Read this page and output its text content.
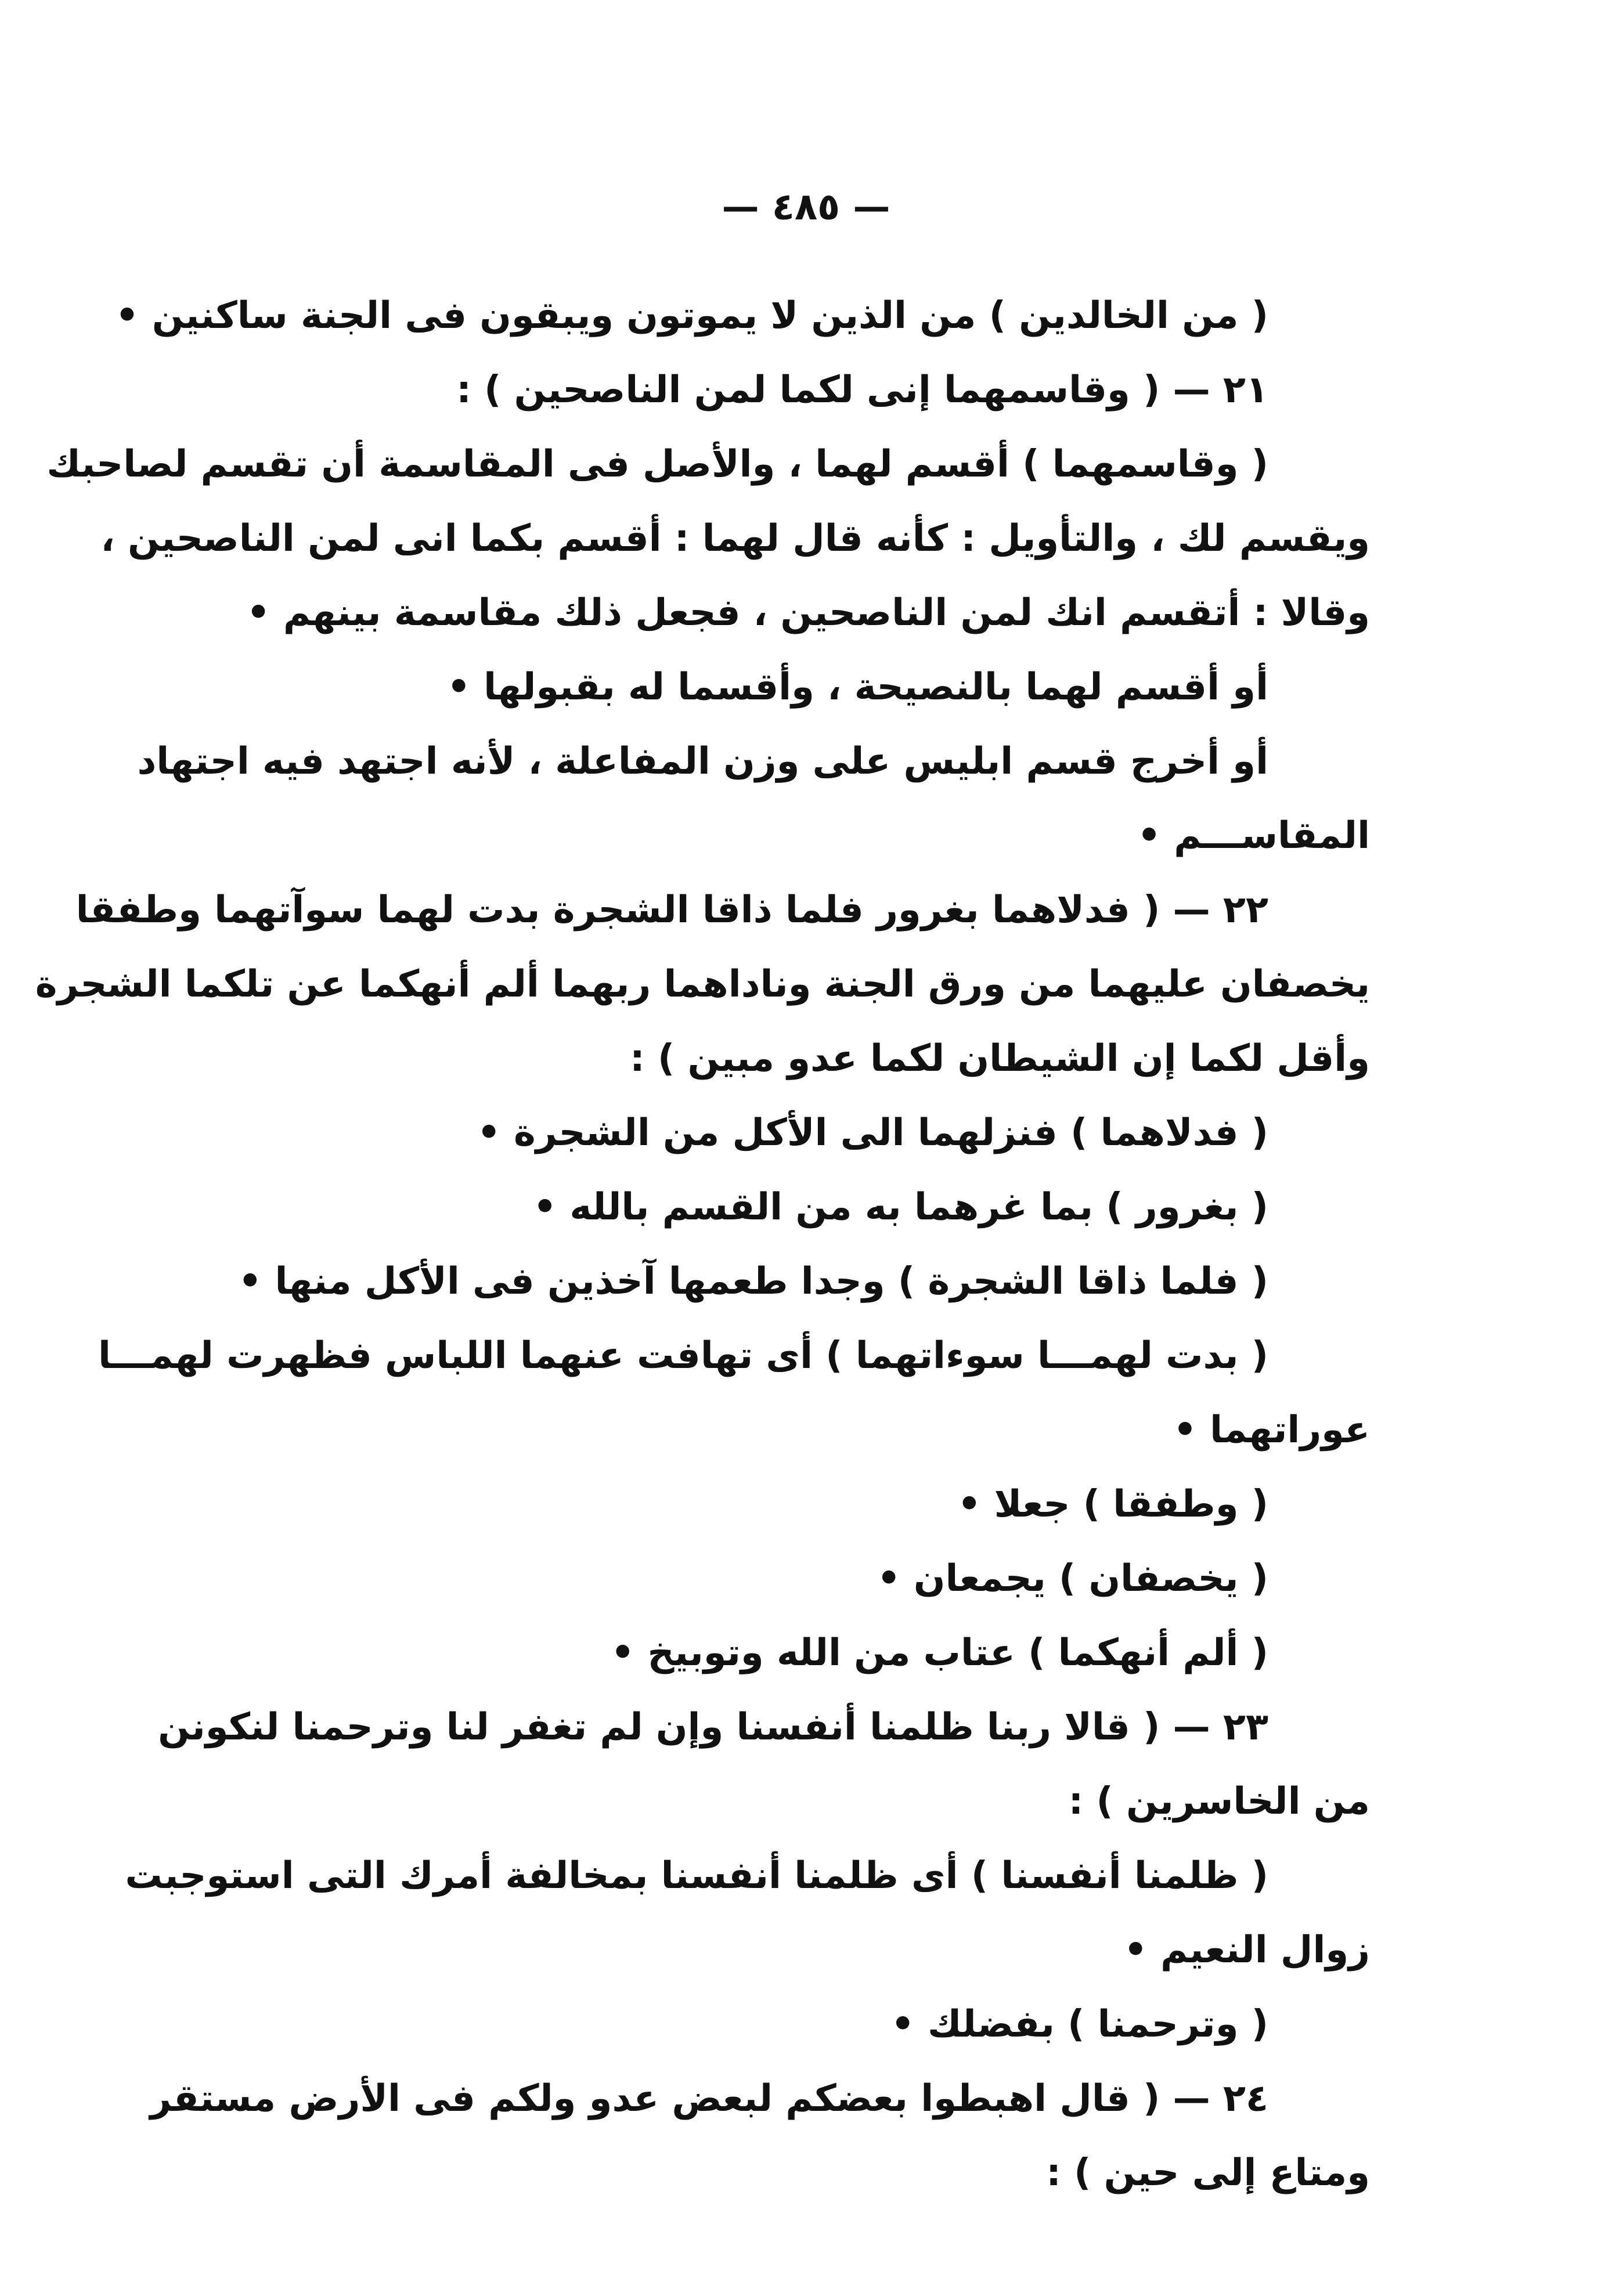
— ٤٨٥ —
( من الخالدين ) من الذين لا يموتون ويبقون فى الجنة ساكنين •
٢١ — ( وقاسمهما إنى لكما لمن الناصحين ) :
( وقاسمهما ) أقسم لهما ، والأصل فى المقاسمة أن تقسم لصاحبك
ويقسم لك ، والتأويل : كأنه قال لهما : أقسم بكما انى لمن الناصحين ،
وقالا : أتقسم انك لمن الناصحين ، فجعل ذلك مقاسمة بينهم •
أو أقسم لهما بالنصيحة ، وأقسما له بقبولها •
أو أخرج قسم ابليس على وزن المفاعلة ، لأنه اجتهد فيه اجتهاد
المقاســـم •
٢٢ — ( فدلاهما بغرور فلما ذاقا الشجرة بدت لهما سوآتهما وطفقا
يخصفان عليهما من ورق الجنة وناداهما ربهما ألم أنهكما عن تلكما الشجرة
وأقل لكما إن الشيطان لكما عدو مبين ) :
( فدلاهما ) فنزلهما الى الأكل من الشجرة •
( بغرور ) بما غرهما به من القسم بالله •
( فلما ذاقا الشجرة ) وجدا طعمها آخذين فى الأكل منها •
( بدت لهمـــا سوءاتهما ) أى تهافت عنهما اللباس فظهرت لهمـــا
عوراتهما •
( وطفقا ) جعلا •
( يخصفان ) يجمعان •
( ألم أنهكما ) عتاب من الله وتوبيخ •
٢٣ — ( قالا ربنا ظلمنا أنفسنا وإن لم تغفر لنا وترحمنا لنكونن
من الخاسرين ) :
( ظلمنا أنفسنا ) أى ظلمنا أنفسنا بمخالفة أمرك التى استوجبت
زوال النعيم •
( وترحمنا ) بفضلك •
٢٤ — ( قال اهبطوا بعضكم لبعض عدو ولكم فى الأرض مستقر
ومتاع إلى حين ) :
